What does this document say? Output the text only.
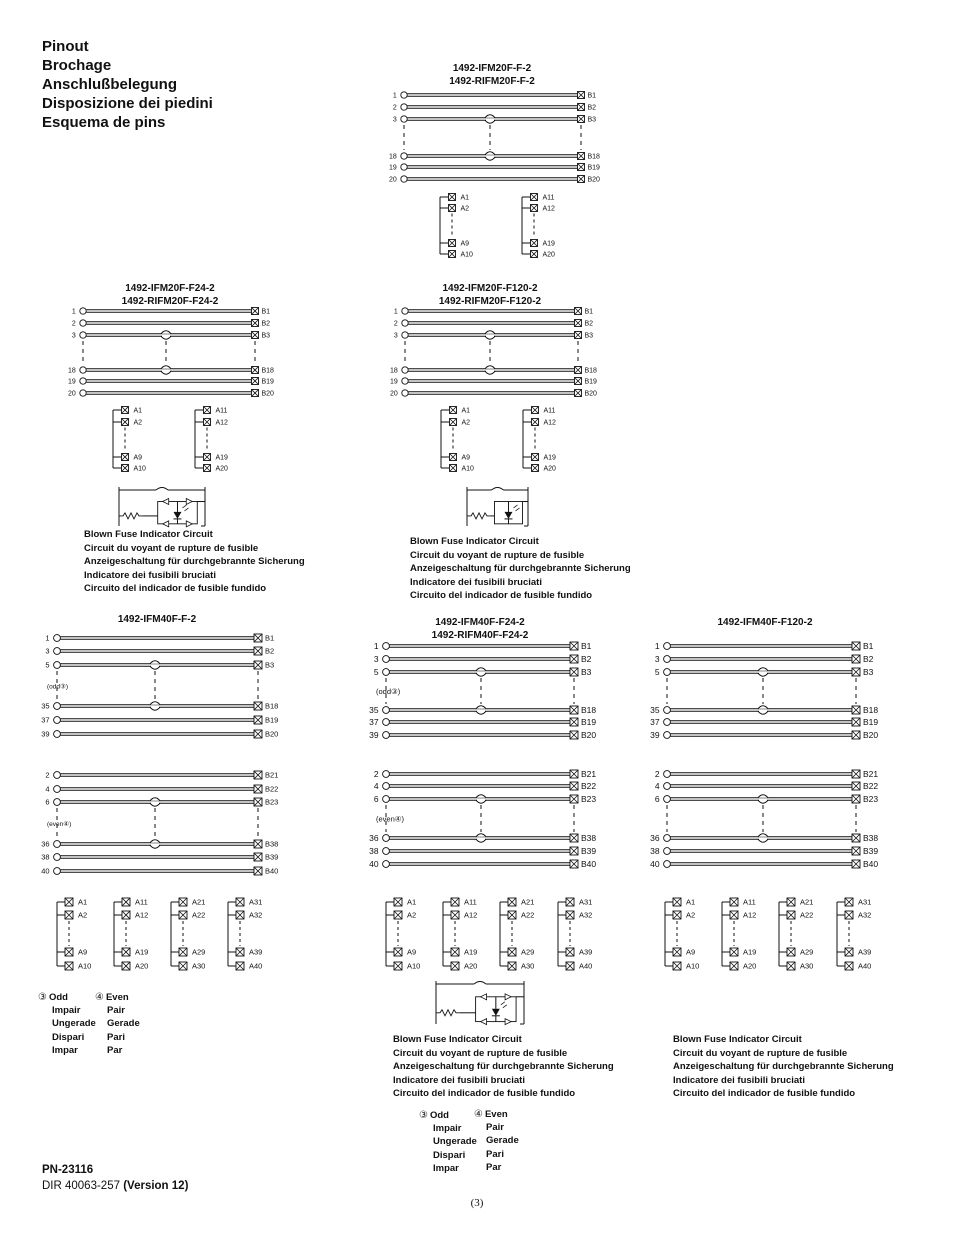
Pinout
Brochage
Anschlußbelegung
Disposizione dei piedini
Esquema de pins
1492-IFM20F-F-2
1492-RIFM20F-F-2
1492-IFM20F-F24-2
1492-RIFM20F-F24-2
1492-IFM20F-F120-2
1492-RIFM20F-F120-2
1492-IFM40F-F-2	1492-IFM40F-F24-2
1492-RIFM40F-F24-2
1492-IFM40F-F120-2
Blown Fuse Indicator Circuit
Circuit du voyant de rupture de fusible
Anzeigeschaltung für durchgebrannte Sicherung
Indicatore dei fusibili bruciati
Circuito del indicador de fusible fundido
Blown Fuse Indicator Circuit
Circuit du voyant de rupture de fusible
Anzeigeschaltung für durchgebrannte Sicherung
Indicatore dei fusibili bruciati
Circuito del indicador de fusible fundido
Blown Fuse Indicator Circuit
Circuit du voyant de rupture de fusible
Anzeigeschaltung für durchgebrannte Sicherung
Indicatore dei fusibili bruciati
Circuito del indicador de fusible fundido
Blown Fuse Indicator Circuit
Circuit du voyant de rupture de fusible
Anzeigeschaltung für durchgebrannte Sicherung
Indicatore dei fusibili bruciati
Circuito del indicador de fusible fundido
③ Odd
Impair
Ungerade
Dispari
Impar
④ Even
Pair
Gerade
Pari
Par
③ Odd
Impair
Ungerade
Dispari
Impar
④ Even
Pair
Gerade
Pari
Par
PN-23116
DIR 40063-257 (Version 12)
(3)
1	B1
2	B2
3	B3
18	B18
19	B19
20	B20
A1
A2
A9
A10
A11
A12
A19
A20
1	B1
2	B2
3	B3
18	B18
19	B19
20	B20
A1
A2
A9
A10
A11
A12
A19
A20
1	B1
2	B2
3	B3
18	B18
19	B19
20	B20
A1
A2
A9
A10
A11
A12
A19
A20
1	B1
3	B2
5	B3
35	B18
37	B19
39	B20
(odd③)
2	B21
4	B22
6	B23
36	B38
38	B39
40	B40
(even④)
A1
A2
A9
A10
A11
A12
A19
A20
A21
A22
A29
A30
A31
A32
A39
A40
1	B1
3	B2
5	B3
35	B18
37	B19
39	B20
(odd③)
2	B21
4	B22
6	B23
36	B38
38	B39
40	B40
(even④)
A1
A2
A9
A10
A11
A12
A19
A20
A21
A22
A29
A30
A31
A32
A39
A40
1	B1
3	B2
5	B3
35	B18
37	B19
39	B20
2	B21
4	B22
6	B23
36	B38
38	B39
40	B40
A1
A2
A9
A10
A11
A12
A19
A20
A21
A22
A29
A30
A31
A32
A39
A40
